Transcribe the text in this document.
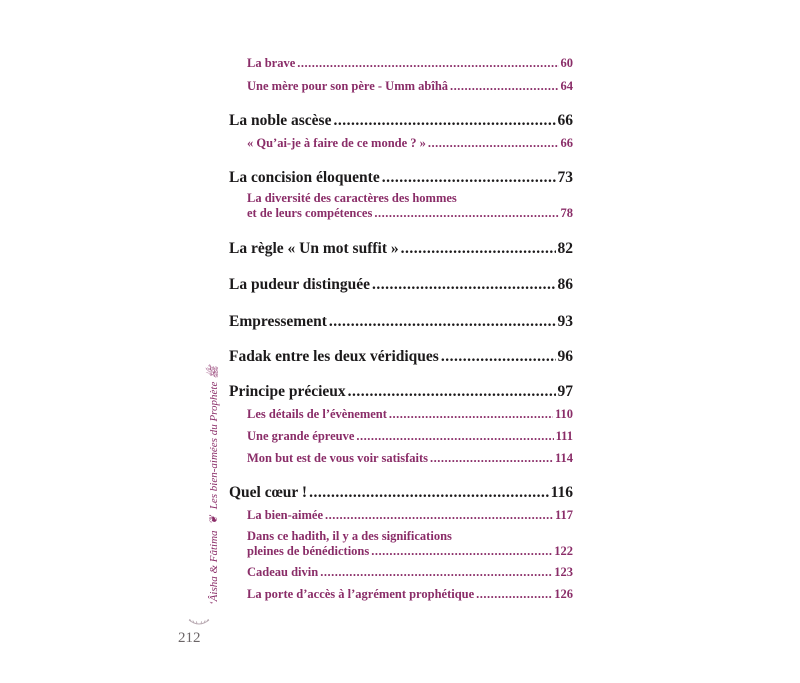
La brave .....	60
Une mère pour son père - Umm abîhâ .....	64
La noble ascèse .....	66
« Qu’ai-je à faire de ce monde ? » .....	66
La concision éloquente .....	73
La diversité des caractères des hommes
et de leurs compétences .....	78
La règle « Un mot suffit » .....	82
La pudeur distinguée .....	86
Empressement .....	93
Fadak entre les deux véridiques .....	96
Principe précieux .....	97
Les détails de l’évènement .....	110
Une grande épreuve .....	111
Mon but est de vous voir satisfaits .....	114
Quel cœur ! .....	116
La bien-aimée .....	117
Dans ce hadith, il y a des significations
pleines de bénédictions .....	122
Cadeau divin .....	123
La porte d’accès à l’agrément prophétique .....	126
‘Âisha & Fâtima❦Les bien-aimées du Prophète ﷺ
212
